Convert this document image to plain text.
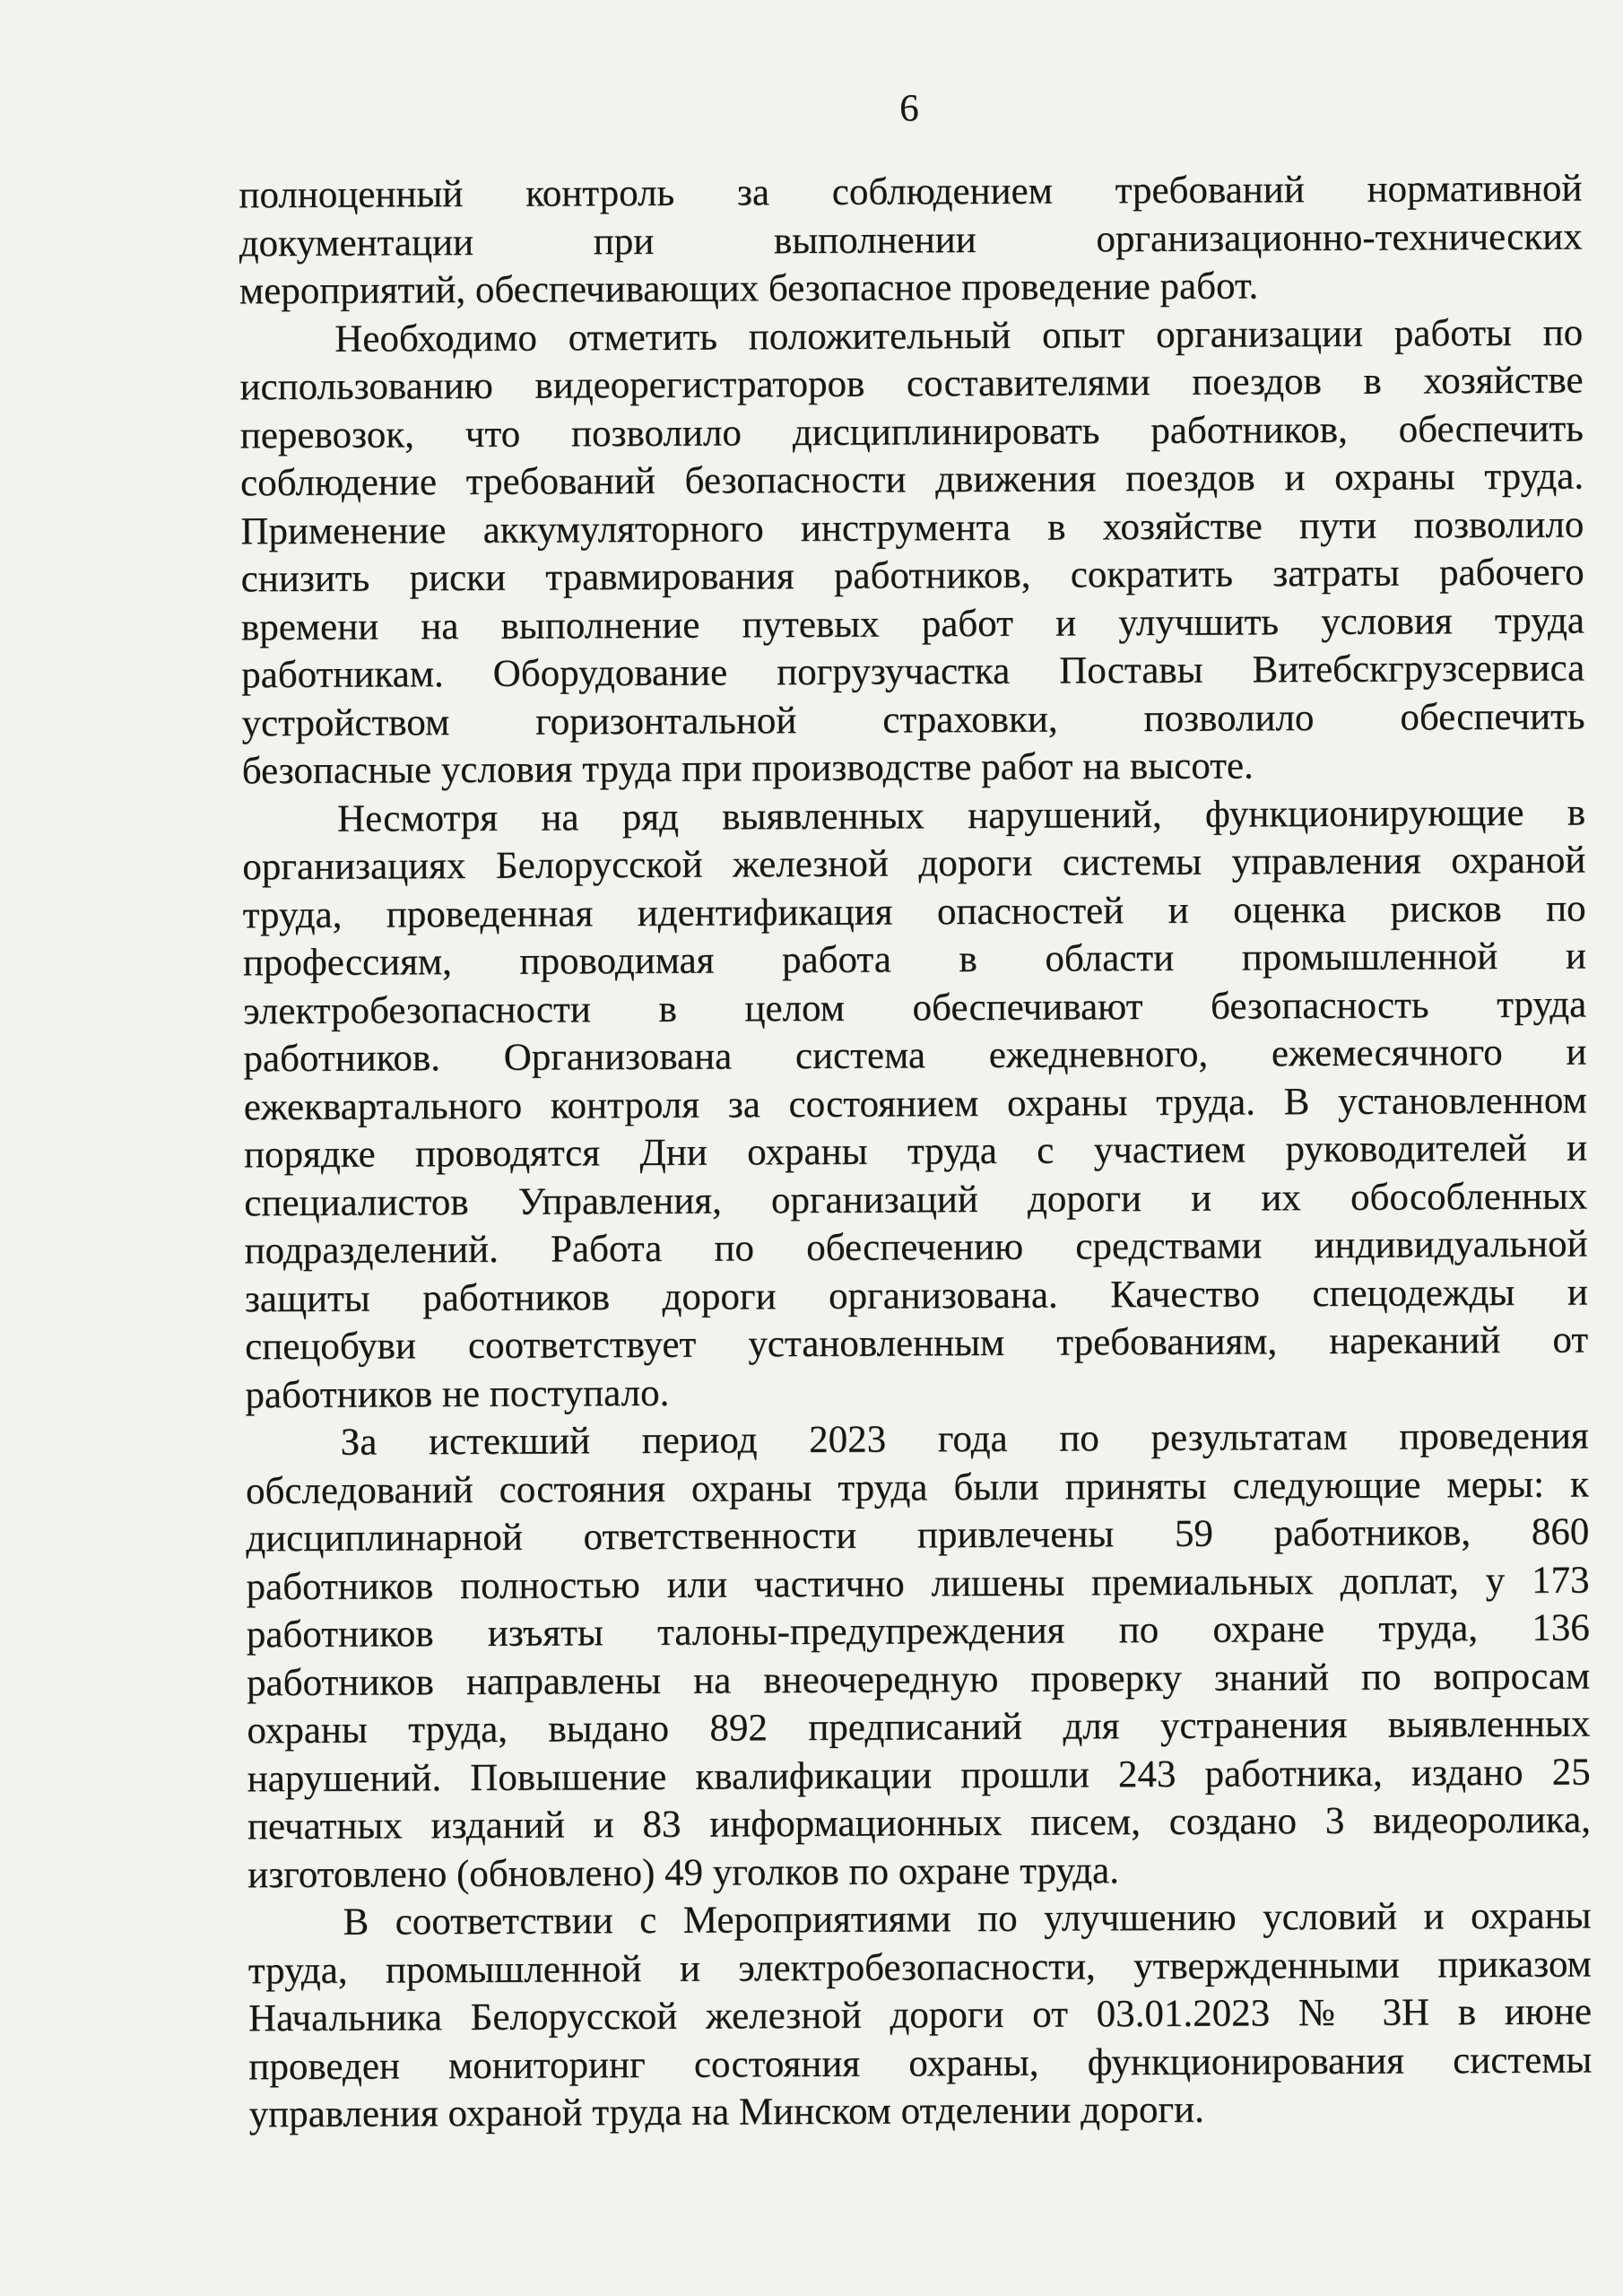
6
полноценный контроль за соблюдением требований нормативной
документации при выполнении организационно-технических
мероприятий, обеспечивающих безопасное проведение работ.
Необходимо отметить положительный опыт организации работы по
использованию видеорегистраторов составителями поездов в хозяйстве
перевозок, что позволило дисциплинировать работников, обеспечить
соблюдение требований безопасности движения поездов и охраны труда.
Применение аккумуляторного инструмента в хозяйстве пути позволило
снизить риски травмирования работников, сократить затраты рабочего
времени на выполнение путевых работ и улучшить условия труда
работникам. Оборудование погрузучастка Поставы Витебскгрузсервиса
устройством горизонтальной страховки, позволило обеспечить
безопасные условия труда при производстве работ на высоте.
Несмотря на ряд выявленных нарушений, функционирующие в
организациях Белорусской железной дороги системы управления охраной
труда, проведенная идентификация опасностей и оценка рисков по
профессиям, проводимая работа в области промышленной и
электробезопасности в целом обеспечивают безопасность труда
работников. Организована система ежедневного, ежемесячного и
ежеквартального контроля за состоянием охраны труда. В установленном
порядке проводятся Дни охраны труда с участием руководителей и
специалистов Управления, организаций дороги и их обособленных
подразделений. Работа по обеспечению средствами индивидуальной
защиты работников дороги организована. Качество спецодежды и
спецобуви соответствует установленным требованиям, нареканий от
работников не поступало.
За истекший период 2023 года по результатам проведения
обследований состояния охраны труда были приняты следующие меры: к
дисциплинарной ответственности привлечены 59 работников, 860
работников полностью или частично лишены премиальных доплат, у 173
работников изъяты талоны-предупреждения по охране труда, 136
работников направлены на внеочередную проверку знаний по вопросам
охраны труда, выдано 892 предписаний для устранения выявленных
нарушений. Повышение квалификации прошли 243 работника, издано 25
печатных изданий и 83 информационных писем, создано 3 видеоролика,
изготовлено (обновлено) 49 уголков по охране труда.
В соответствии с Мероприятиями по улучшению условий и охраны
труда, промышленной и электробезопасности, утвержденными приказом
Начальника Белорусской железной дороги от 03.01.2023 № 3Н в июне
проведен мониторинг состояния охраны, функционирования системы
управления охраной труда на Минском отделении дороги.
